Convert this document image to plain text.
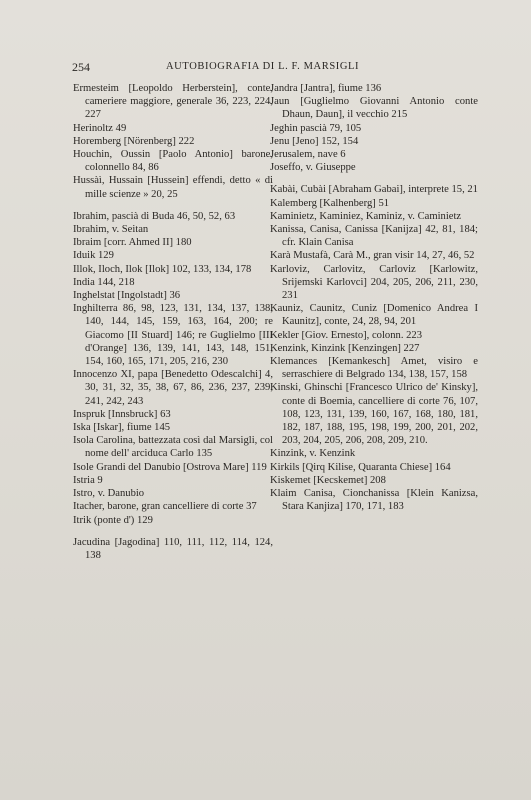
254	AUTOBIOGRAFIA DI L. F. MARSIGLI
Ermesteim [Leopoldo Herberstein], conte, cameriere maggiore, generale 36, 223, 224, 227
Herinoltz 49
Horemberg [Nörenberg] 222
Houchin, Oussin [Paolo Antonio] barone, colonnello 84, 86
Hussàì, Hussain [Hussein] effendi, detto « di mille scienze » 20, 25
Ibrahim, pascià di Buda 46, 50, 52, 63
Ibrahim, v. Seitan
Ibraim [corr. Ahmed II] 180
Iduik 129
Illok, Iloch, Ilok [Ilok] 102, 133, 134, 178
India 144, 218
Inghelstat [Ingolstadt] 36
Inghilterra 86, 98, 123, 131, 134, 137, 138, 140, 144, 145, 159, 163, 164, 200; re Giacomo [II Stuard] 146; re Guglielmo [III d'Orange] 136, 139, 141, 143, 148, 151, 154, 160, 165, 171, 205, 216, 230
Innocenzo XI, papa [Benedetto Odescalchi] 4, 30, 31, 32, 35, 38, 67, 86, 236, 237, 239, 241, 242, 243
Inspruk [Innsbruck] 63
Iska [Iskar], fiume 145
Isola Carolina, battezzata così dal Marsigli, col nome dell' arciduca Carlo 135
Isole Grandi del Danubio [Ostrova Mare] 119
Istria 9
Istro, v. Danubio
Itacher, barone, gran cancelliere di corte 37
Itrik (ponte d') 129
Jacudina [Jagodina] 110, 111, 112, 114, 124, 138
Jandra [Jantra], fiume 136
Jaun [Guglielmo Giovanni Antonio conte Dhaun, Daun], il vecchio 215
Jeghin pascià 79, 105
Jenu [Jeno] 152, 154
Jerusalem, nave 6
Joseffo, v. Giuseppe
Kabài, Cubài [Abraham Gabai], interprete 15, 21
Kalemberg [Kalhenberg] 51
Kaminietz, Kaminiez, Kaminiz, v. Caminietz
Kanissa, Canisa, Canissa [Kanijza] 42, 81, 184; cfr. Klain Canisa
Karà Mustafà, Carà M., gran visir 14, 27, 46, 52
Karloviz, Carlovitz, Carloviz [Karlowitz, Srijemski Karlovci] 204, 205, 206, 211, 230, 231
Kauniz, Caunitz, Cuniz [Domenico Andrea I Kaunitz], conte, 24, 28, 94, 201
Kekler [Giov. Ernesto], colonn. 223
Kenzink, Kinzink [Kenzingen] 227
Klemances [Kemankesch] Amet, visiro e serraschiere di Belgrado 134, 138, 157, 158
Kinski, Ghinschi [Francesco Ulrico de' Kinsky], conte di Boemia, cancelliere di corte 76, 107, 108, 123, 131, 139, 160, 167, 168, 180, 181, 182, 187, 188, 195, 198, 199, 200, 201, 202, 203, 204, 205, 206, 208, 209, 210.
Kinzink, v. Kenzink
Kirkils [Qirq Kilise, Quaranta Chiese] 164
Kiskemet [Kecskemet] 208
Klaim Canisa, Cionchanissa [Klein Kanizsa, Stara Kanjiza] 170, 171, 183
